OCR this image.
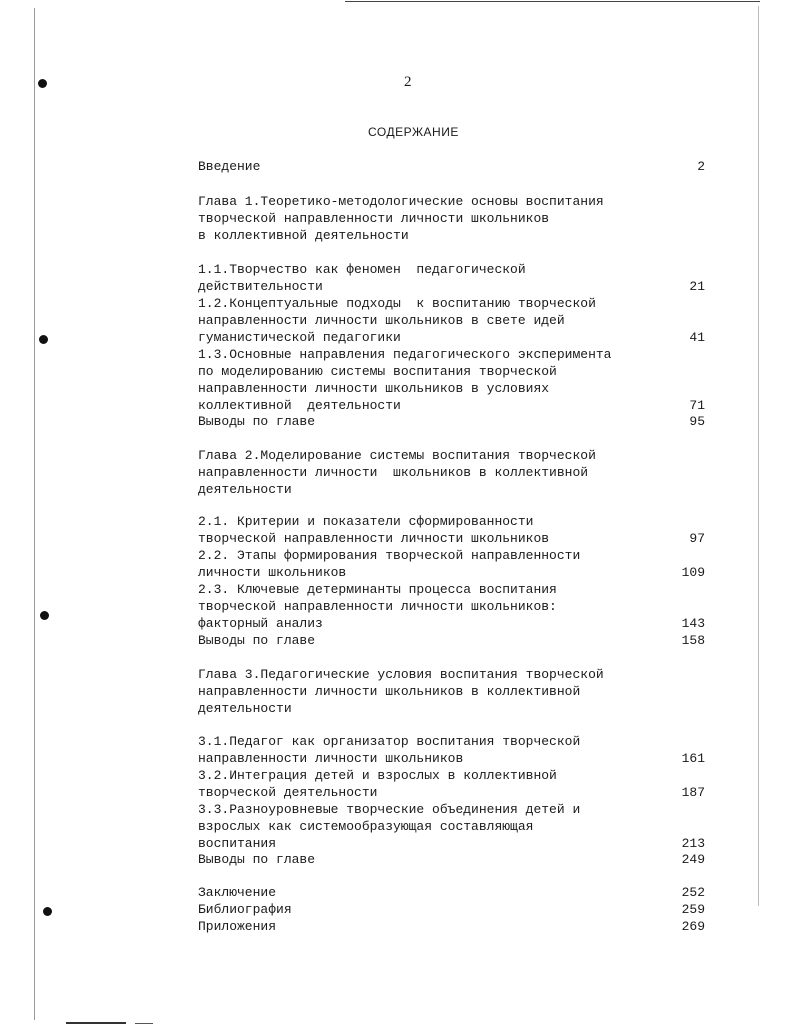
2
СОДЕРЖАНИЕ
Введение	2
Глава 1.Теоретико-методологические основы воспитания
творческой направленности личности школьников
в коллективной деятельности
1.1.Творчество как феномен  педагогической
действительности	21
1.2.Концептуальные подходы  к воспитанию творческой
направленности личности школьников в свете идей
гуманистической педагогики	41
1.3.Основные направления педагогического эксперимента
по моделированию системы воспитания творческой
направленности личности школьников в условиях
коллективной  деятельности	71
Выводы по главе	95
Глава 2.Моделирование системы воспитания творческой
направленности личности  школьников в коллективной
деятельности
2.1. Критерии и показатели сформированности
творческой направленности личности школьников	97
2.2. Этапы формирования творческой направленности
личности школьников	109
2.3. Ключевые детерминанты процесса воспитания
творческой направленности личности школьников:
факторный анализ	143
Выводы по главе	158
Глава 3.Педагогические условия воспитания творческой
направленности личности школьников в коллективной
деятельности
3.1.Педагог как организатор воспитания творческой
направленности личности школьников	161
3.2.Интеграция детей и взрослых в коллективной
творческой деятельности	187
3.3.Разноуровневые творческие объединения детей и
взрослых как системообразующая составляющая
воспитания	213
Выводы по главе	249
Заключение	252
Библиография	259
Приложения	269
